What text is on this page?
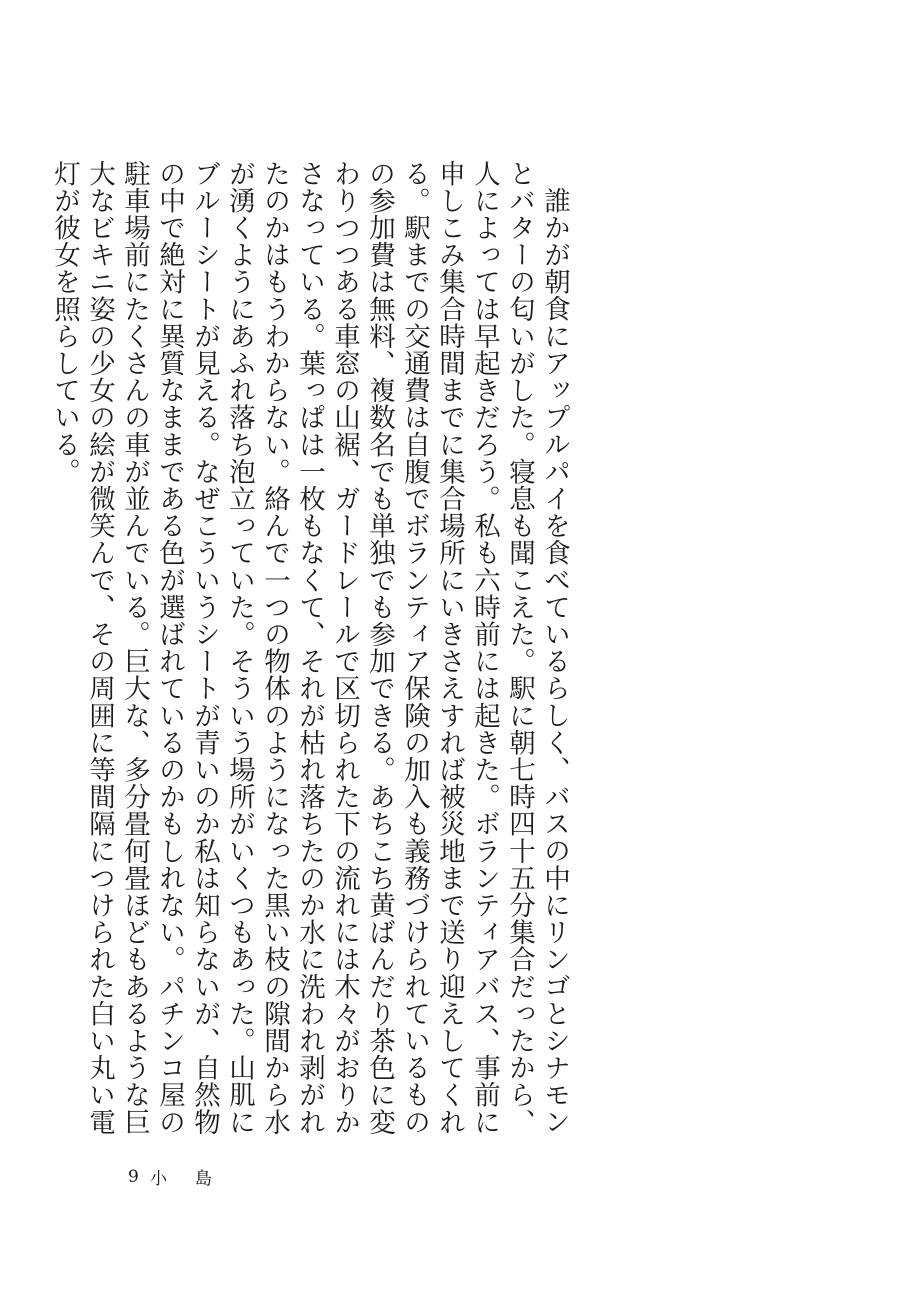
誰かが朝食にアップルパイを食べているらしく、バスの中にリンゴとシナモンとバターの匂いがした。寝息も聞こえた。駅に朝七時四十五分集合だったから、人によっては早起きだろう。私も六時前には起きた。ボランティアバス、事前に申しこみ集合時間までに集合場所にいきさえすれば被災地まで送り迎えしてくれる。駅までの交通費は自腹でボランティア保険の加入も義務づけられているものの参加費は無料、複数名でも単独でも参加できる。あちこち黄ばんだり茶色に変わりつつある車窓の山裾、ガードレールで区切られた下の流れには木々がおりかさなっている。葉っぱは一枚もなくて、それが枯れ落ちたのか水に洗われ剥がれたのかはもうわからない。絡んで一つの物体のようになった黒い枝の隙間から水が湧くようにあふれ落ち泡立っていた。そういう場所がいくつもあった。山肌にブルーシートが見える。なぜこういうシートが青いのか私は知らないが、自然物の中で絶対に異質なままである色が選ばれているのかもしれない。パチンコ屋の駐車場前にたくさんの車が並んでいる。巨大な、多分畳何畳ほどもあるような巨大なビキニ姿の少女の絵が微笑んで、その周囲に等間隔につけられた白い丸い電灯が彼女を照らしている。

9 小島
